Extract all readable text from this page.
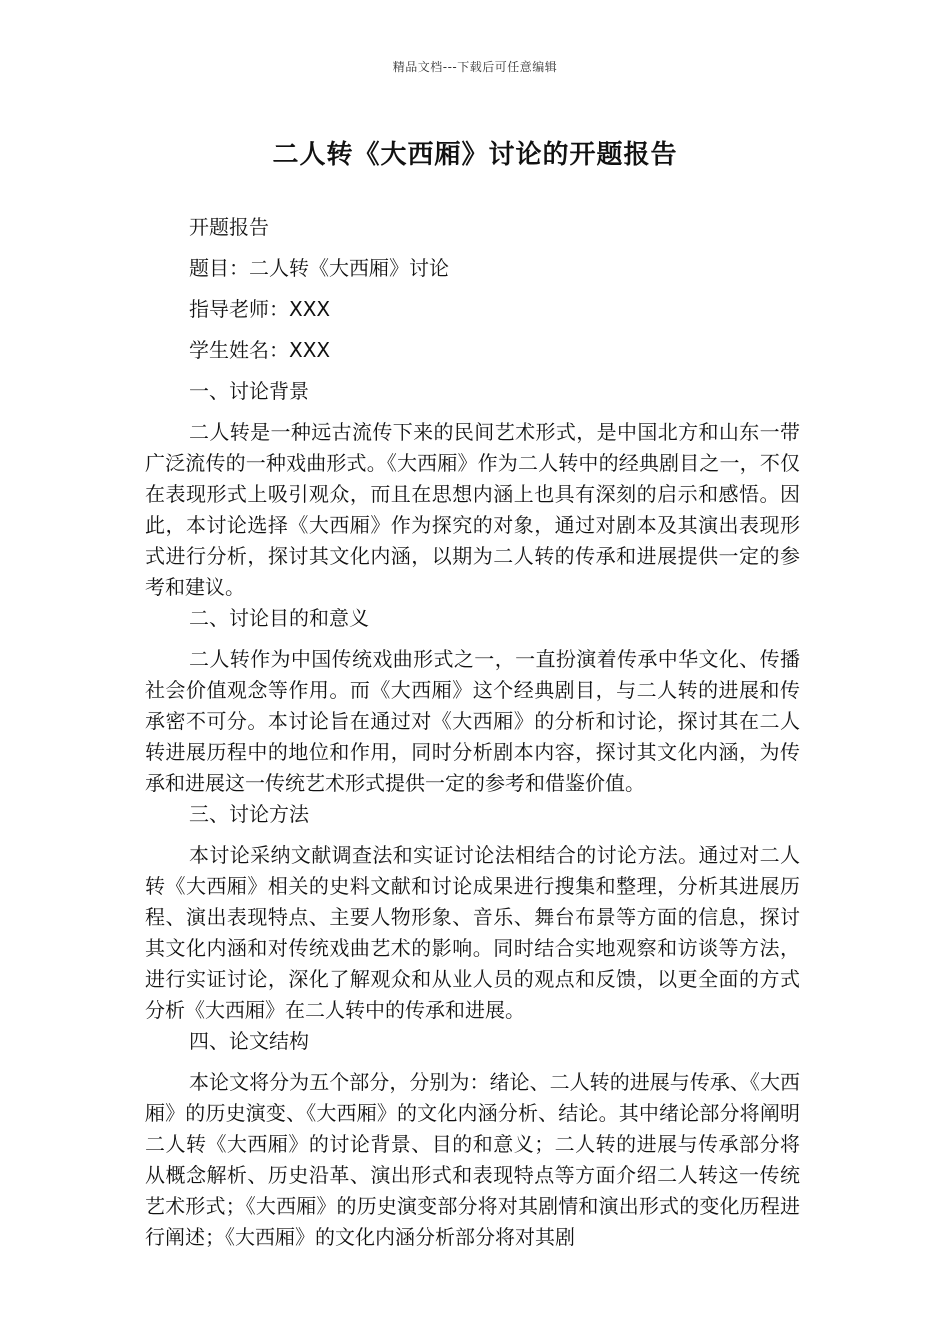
精品文档---下载后可任意编辑
二人转《大西厢》讨论的开题报告

开题报告

题目：二人转《大西厢》讨论

指导老师：XXX

学生姓名：XXX

一、讨论背景

二人转是一种远古流传下来的民间艺术形式，是中国北方和山东一带广泛流传的一种戏曲形式。《大西厢》作为二人转中的经典剧目之一，不仅在表现形式上吸引观众，而且在思想内涵上也具有深刻的启示和感悟。因此，本讨论选择《大西厢》作为探究的对象，通过对剧本及其演出表现形式进行分析，探讨其文化内涵，以期为二人转的传承和进展提供一定的参考和建议。

二、讨论目的和意义

二人转作为中国传统戏曲形式之一，一直扮演着传承中华文化、传播社会价值观念等作用。而《大西厢》这个经典剧目，与二人转的进展和传承密不可分。本讨论旨在通过对《大西厢》的分析和讨论，探讨其在二人转进展历程中的地位和作用，同时分析剧本内容，探讨其文化内涵，为传承和进展这一传统艺术形式提供一定的参考和借鉴价值。

三、讨论方法

本讨论采纳文献调查法和实证讨论法相结合的讨论方法。通过对二人转《大西厢》相关的史料文献和讨论成果进行搜集和整理，分析其进展历程、演出表现特点、主要人物形象、音乐、舞台布景等方面的信息，探讨其文化内涵和对传统戏曲艺术的影响。同时结合实地观察和访谈等方法，进行实证讨论，深化了解观众和从业人员的观点和反馈，以更全面的方式分析《大西厢》在二人转中的传承和进展。

四、论文结构

本论文将分为五个部分，分别为：绪论、二人转的进展与传承、《大西厢》的历史演变、《大西厢》的文化内涵分析、结论。其中绪论部分将阐明二人转《大西厢》的讨论背景、目的和意义；二人转的进展与传承部分将从概念解析、历史沿革、演出形式和表现特点等方面介绍二人转这一传统艺术形式；《大西厢》的历史演变部分将对其剧情和演出形式的变化历程进行阐述；《大西厢》的文化内涵分析部分将对其剧
